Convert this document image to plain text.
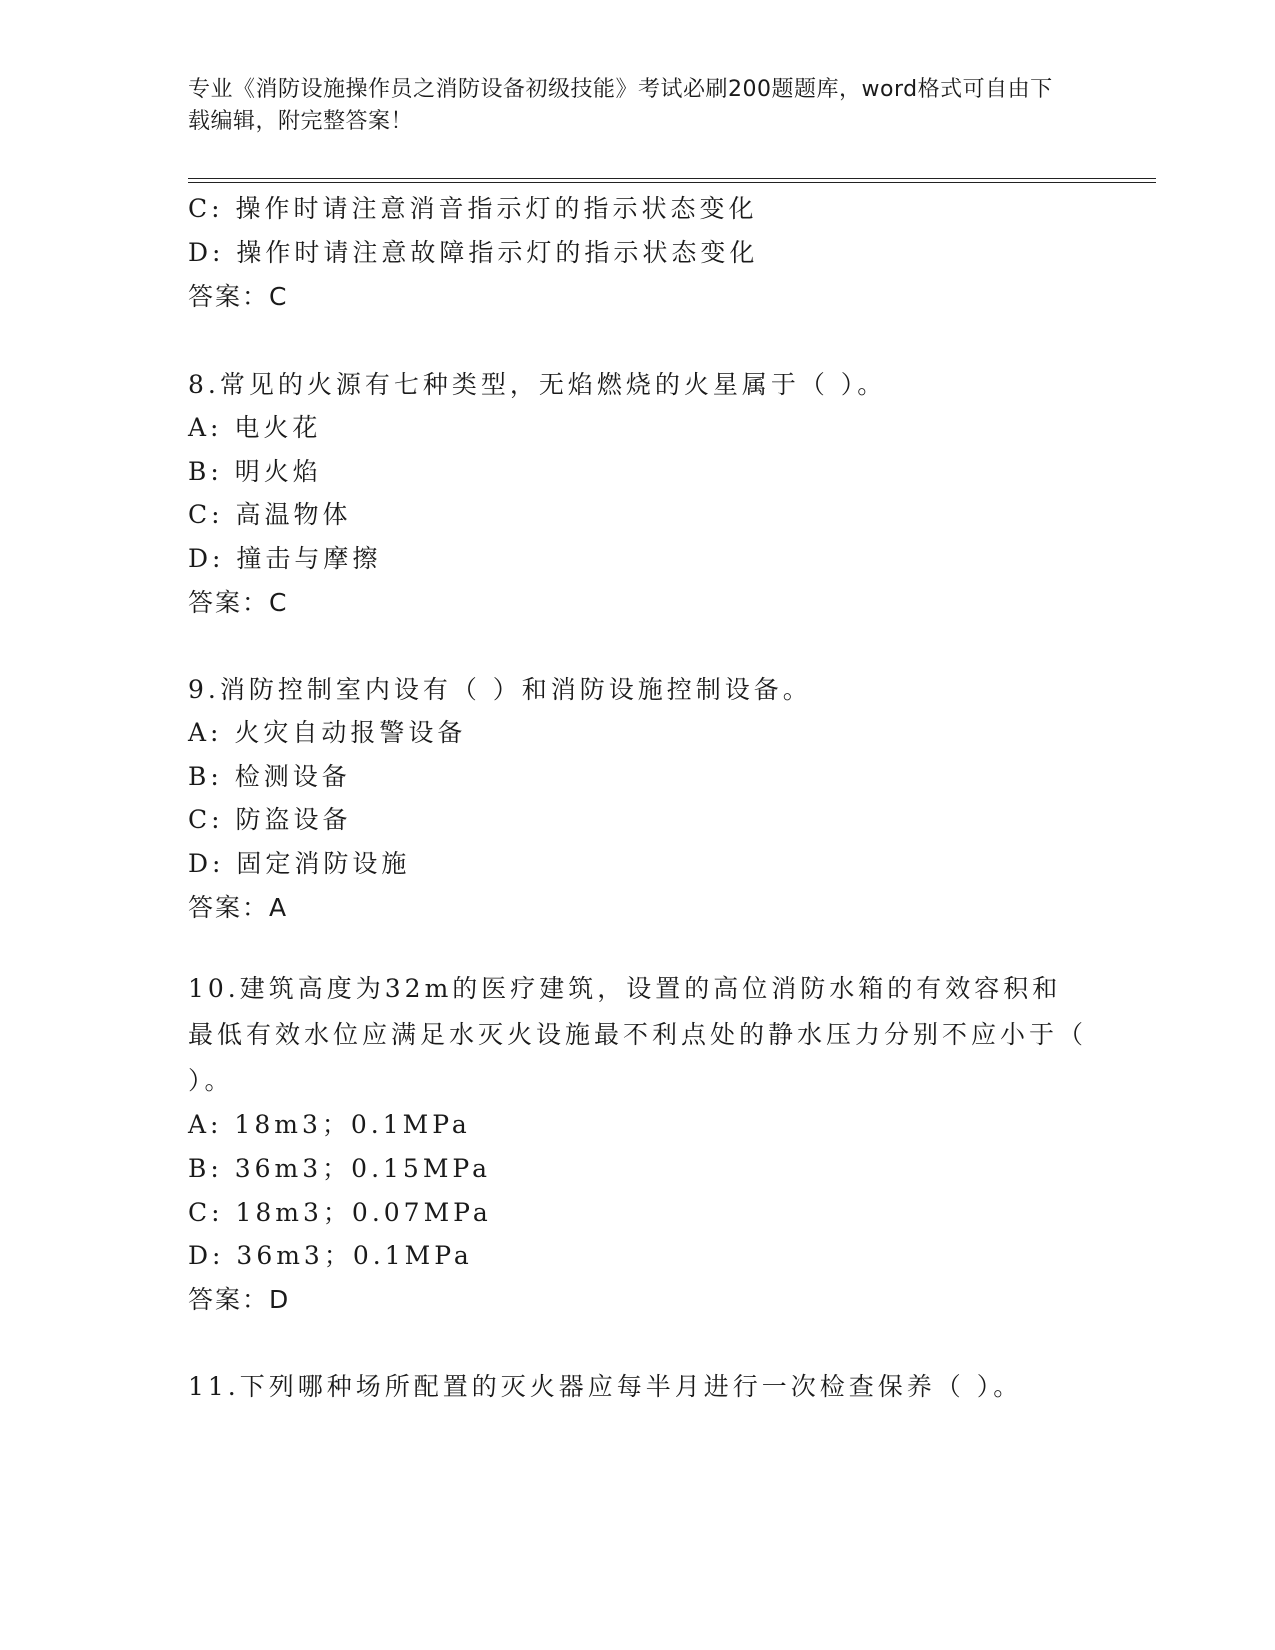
专业《消防设施操作员之消防设备初级技能》考试必刷200题题库，word格式可自由下载编辑，附完整答案！
C: 操作时请注意消音指示灯的指示状态变化
D: 操作时请注意故障指示灯的指示状态变化
答案：C
8.常见的火源有七种类型，无焰燃烧的火星属于（ ）。
A: 电火花
B: 明火焰
C: 高温物体
D: 撞击与摩擦
答案：C
9.消防控制室内设有（ ）和消防设施控制设备。
A: 火灾自动报警设备
B: 检测设备
C: 防盗设备
D: 固定消防设施
答案：A
10.建筑高度为32m的医疗建筑，设置的高位消防水箱的有效容积和最低有效水位应满足水灭火设施最不利点处的静水压力分别不应小于（ ）。
A: 18m3；0.1MPa
B: 36m3；0.15MPa
C: 18m3；0.07MPa
D: 36m3；0.1MPa
答案：D
11.下列哪种场所配置的灭火器应每半月进行一次检查保养（ ）。
